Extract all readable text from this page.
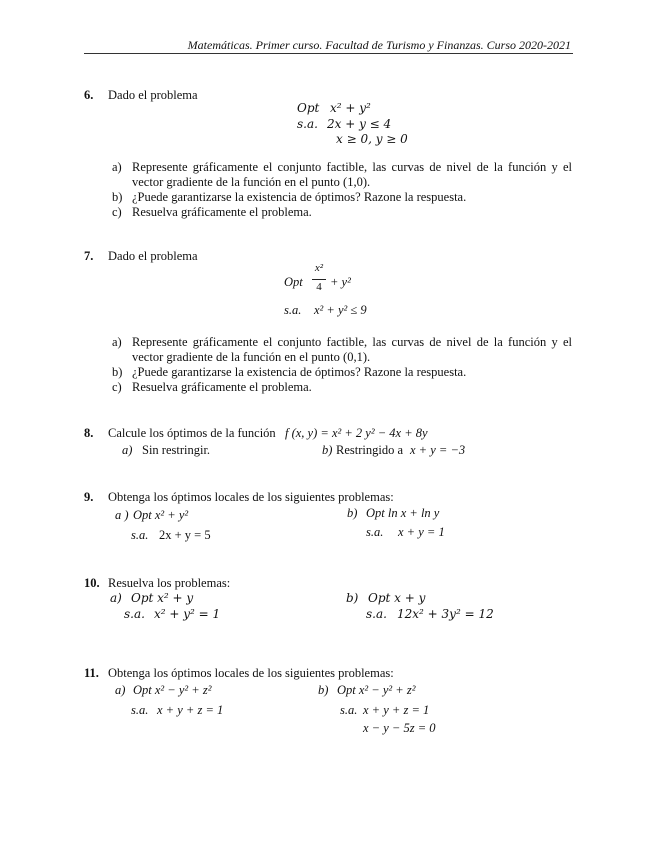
Matemáticas. Primer curso. Facultad de Turismo y Finanzas. Curso 2020-2021
6. Dado el problema
Opt x² + y²
s.a. 2x + y ≤ 4
x ≥ 0, y ≥ 0
a) Represente gráficamente el conjunto factible, las curvas de nivel de la función y el vector gradiente de la función en el punto (1,0).
b) ¿Puede garantizarse la existencia de óptimos? Razone la respuesta.
c) Resuelva gráficamente el problema.
7. Dado el problema
Opt
x²
4 + y²
s.a. x² + y² ≤ 9
a) Represente gráficamente el conjunto factible, las curvas de nivel de la función y el vector gradiente de la función en el punto (0,1).
b) ¿Puede garantizarse la existencia de óptimos? Razone la respuesta.
c) Resuelva gráficamente el problema.
8. Calcule los óptimos de la función f (x, y) = x² + 2 y² − 4x + 8y
a) Sin restringir.	b) Restringido a x + y = −3
9. Obtenga los óptimos locales de los siguientes problemas:
a ) Opt x² + y²
s.a. 2x + y = 5
b) Opt ln x + ln y
s.a. x + y = 1
10. Resuelva los problemas:
a) Opt x² + y
s.a. x² + y² = 1
b) Opt x + y
s.a. 12x² + 3y² = 12
11. Obtenga los óptimos locales de los siguientes problemas:
a) Opt x² − y² + z²
s.a. x + y + z = 1
b) Opt x² − y² + z²
s.a. x + y + z = 1
x − y − 5z = 0
